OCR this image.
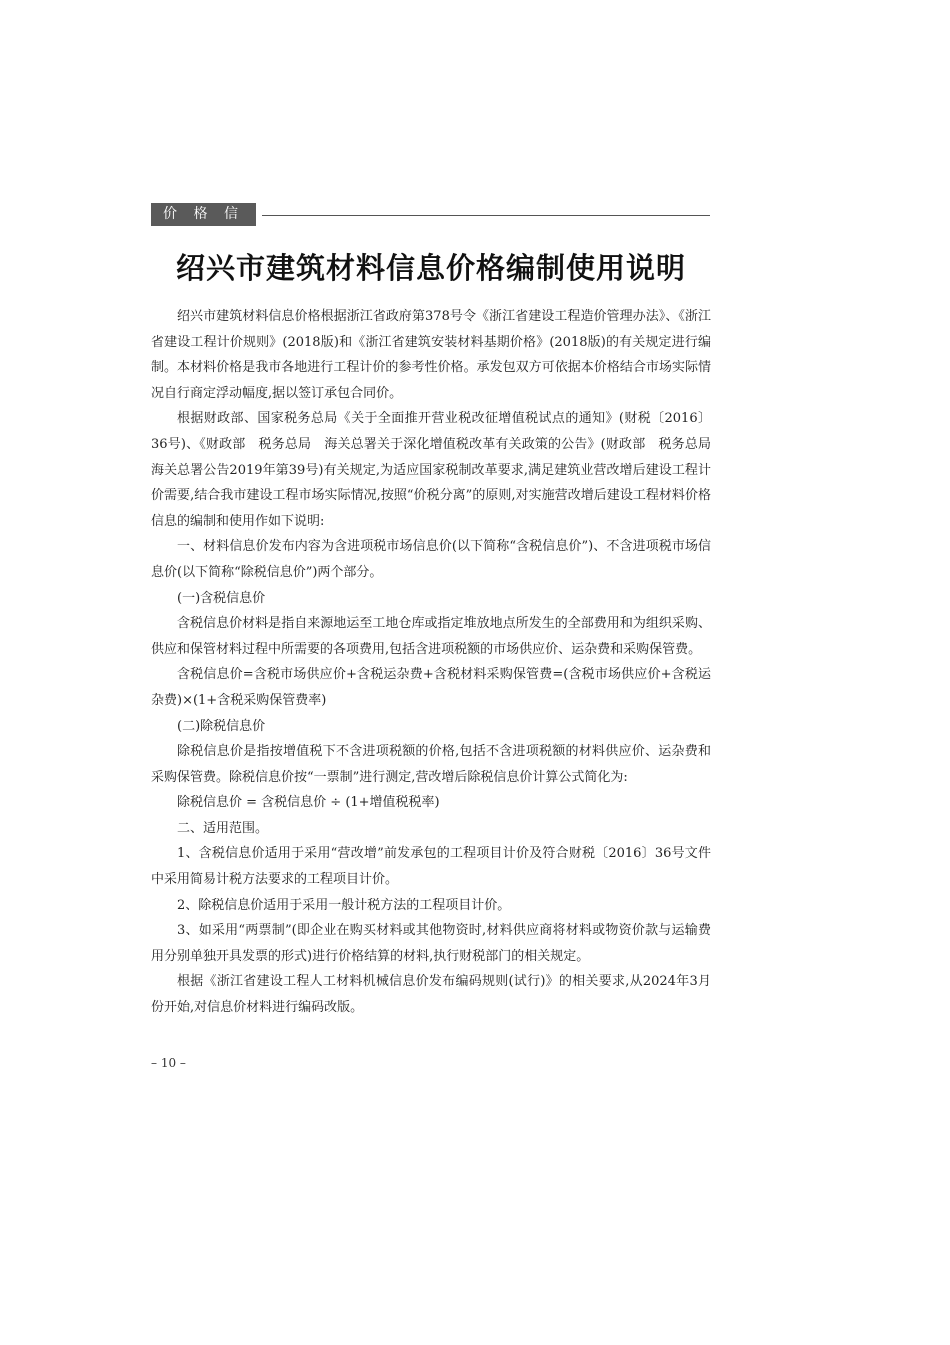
价 格 信 息
绍兴市建筑材料信息价格编制使用说明

绍兴市建筑材料信息价格根据浙江省政府第378号令《浙江省建设工程造价管理办法》、《浙江省建设工程计价规则》(2018版)和《浙江省建筑安装材料基期价格》(2018版)的有关规定进行编制。本材料价格是我市各地进行工程计价的参考性价格。承发包双方可依据本价格结合市场实际情况自行商定浮动幅度,据以签订承包合同价。

根据财政部、国家税务总局《关于全面推开营业税改征增值税试点的通知》(财税〔2016〕36号)、《财政部　税务总局　海关总署关于深化增值税改革有关政策的公告》(财政部　税务总局　海关总署公告2019年第39号)有关规定,为适应国家税制改革要求,满足建筑业营改增后建设工程计价需要,结合我市建设工程市场实际情况,按照“价税分离”的原则,对实施营改增后建设工程材料价格信息的编制和使用作如下说明:

一、材料信息价发布内容为含进项税市场信息价(以下简称“含税信息价”)、不含进项税市场信息价(以下简称“除税信息价”)两个部分。

(一)含税信息价

含税信息价材料是指自来源地运至工地仓库或指定堆放地点所发生的全部费用和为组织采购、供应和保管材料过程中所需要的各项费用,包括含进项税额的市场供应价、运杂费和采购保管费。

含税信息价=含税市场供应价+含税运杂费+含税材料采购保管费=(含税市场供应价+含税运杂费)×(1+含税采购保管费率)

(二)除税信息价

除税信息价是指按增值税下不含进项税额的价格,包括不含进项税额的材料供应价、运杂费和采购保管费。除税信息价按“一票制”进行测定,营改增后除税信息价计算公式简化为:

除税信息价 = 含税信息价 ÷ (1+增值税税率)

二、适用范围。

1、含税信息价适用于采用“营改增”前发承包的工程项目计价及符合财税〔2016〕36号文件中采用简易计税方法要求的工程项目计价。

2、除税信息价适用于采用一般计税方法的工程项目计价。

3、如采用“两票制”(即企业在购买材料或其他物资时,材料供应商将材料或物资价款与运输费用分别单独开具发票的形式)进行价格结算的材料,执行财税部门的相关规定。

根据《浙江省建设工程人工材料机械信息价发布编码规则(试行)》的相关要求,从2024年3月份开始,对信息价材料进行编码改版。

– 10 –
